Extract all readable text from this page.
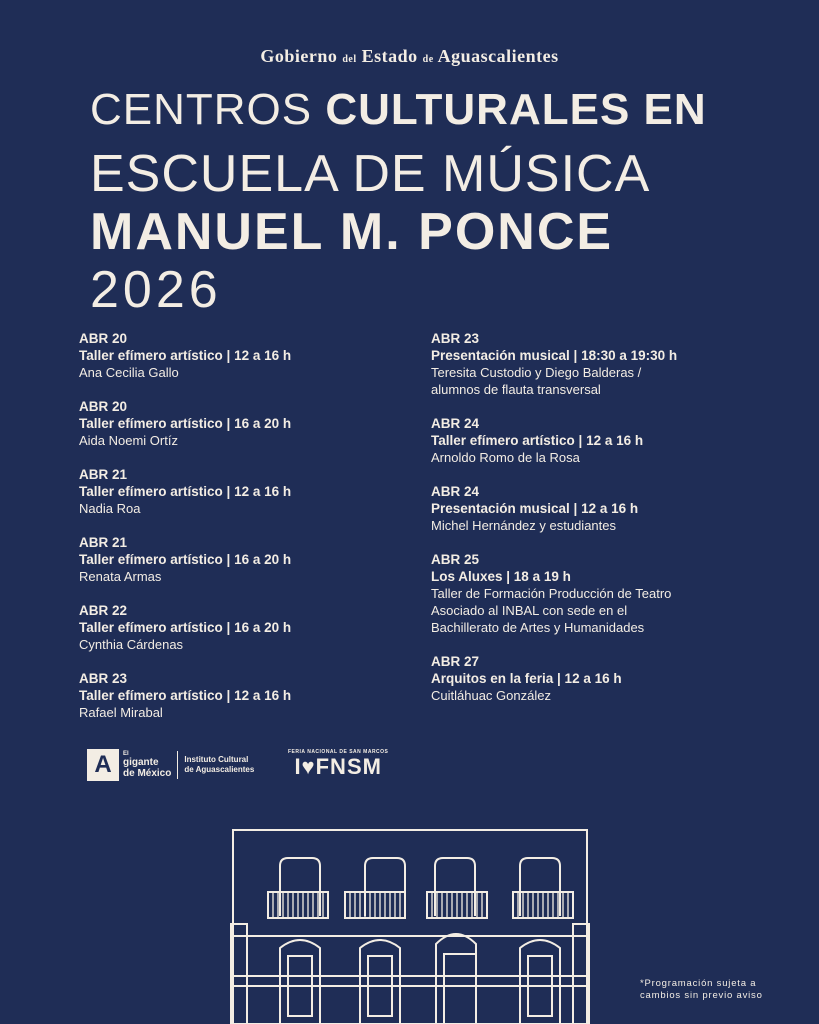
Gobierno del Estado de Aguascalientes
CENTROS CULTURALES EN
ESCUELA DE MÚSICA
MANUEL M. PONCE
2026
ABR 20
Taller efímero artístico | 12 a 16 h
Ana Cecilia Gallo
ABR 20
Taller efímero artístico | 16 a 20 h
Aida Noemi Ortíz
ABR 21
Taller efímero artístico | 12 a 16 h
Nadia Roa
ABR 21
Taller efímero artístico | 16 a 20 h
Renata Armas
ABR 22
Taller efímero artístico | 16 a 20 h
Cynthia Cárdenas
ABR 23
Taller efímero artístico | 12 a 16 h
Rafael Mirabal
ABR 23
Presentación musical | 18:30 a 19:30 h
Teresita Custodio y Diego Balderas /
alumnos de flauta transversal
ABR 24
Taller efímero artístico | 12 a 16 h
Arnoldo Romo de la Rosa
ABR 24
Presentación musical | 12 a 16 h
Michel Hernández y estudiantes
ABR 25
Los Aluxes | 18 a 19 h
Taller de Formación Producción de Teatro
Asociado al INBAL con sede en el
Bachillerato de Artes y Humanidades
ABR 27
Arquitos en la feria | 12 a 16 h
Cuitláhuac González
A	El
gigante
de México
Instituto Cultural
de Aguascalientes
FERIA NACIONAL DE SAN MARCOS
I♥FNSM
*Programación sujeta a
cambios sin previo aviso
